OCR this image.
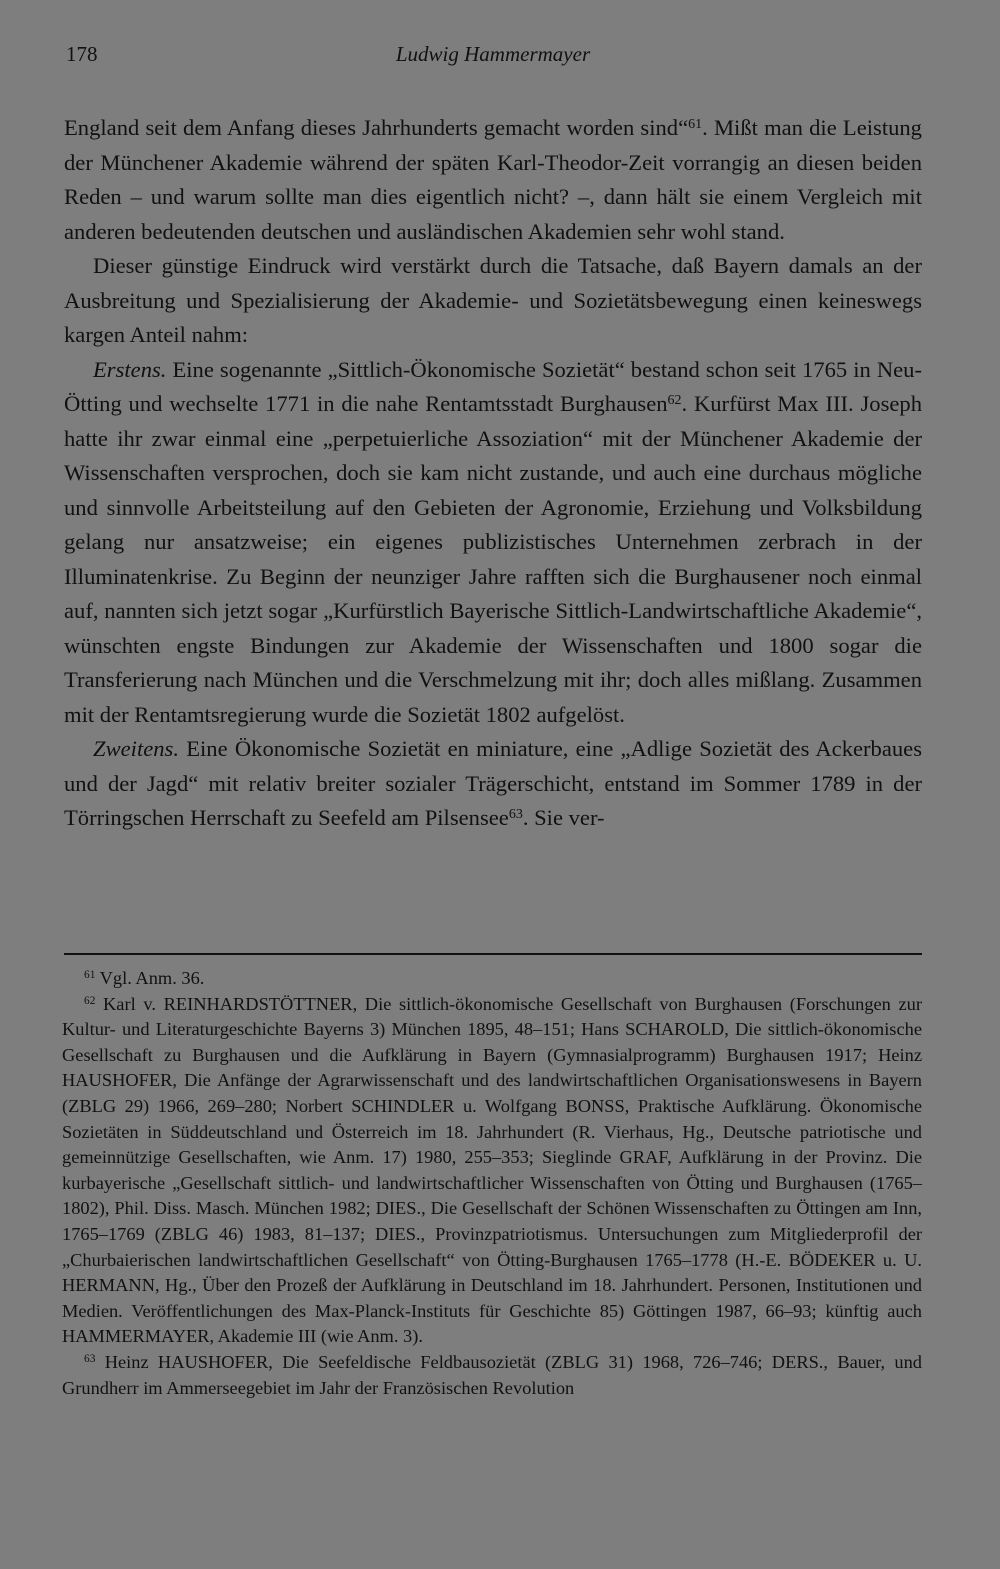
178	Ludwig Hammermayer

England seit dem Anfang dieses Jahrhunderts gemacht worden sind“$^{61}$. Mißt man die Leistung der Münchener Akademie während der späten Karl-Theodor-Zeit vorrangig an diesen beiden Reden – und warum sollte man dies eigentlich nicht? –, dann hält sie einem Vergleich mit anderen bedeutenden deutschen und ausländischen Akademien sehr wohl stand.

Dieser günstige Eindruck wird verstärkt durch die Tatsache, daß Bayern damals an der Ausbreitung und Spezialisierung der Akademie- und Sozietätsbewegung einen keineswegs kargen Anteil nahm:

Erstens. Eine sogenannte „Sittlich-Ökonomische Sozietät“ bestand schon seit 1765 in Neu-Ötting und wechselte 1771 in die nahe Rentamtsstadt Burghausen$^{62}$. Kurfürst Max III. Joseph hatte ihr zwar einmal eine „perpetuierliche Assoziation“ mit der Münchener Akademie der Wissenschaften versprochen, doch sie kam nicht zustande, und auch eine durchaus mögliche und sinnvolle Arbeitsteilung auf den Gebieten der Agronomie, Erziehung und Volksbildung gelang nur ansatzweise; ein eigenes publizistisches Unternehmen zerbrach in der Illuminatenkrise. Zu Beginn der neunziger Jahre rafften sich die Burghausener noch einmal auf, nannten sich jetzt sogar „Kurfürstlich Bayerische Sittlich-Landwirtschaftliche Akademie“, wünschten engste Bindungen zur Akademie der Wissenschaften und 1800 sogar die Transferierung nach München und die Verschmelzung mit ihr; doch alles mißlang. Zusammen mit der Rentamtsregierung wurde die Sozietät 1802 aufgelöst.

Zweitens. Eine Ökonomische Sozietät en miniature, eine „Adlige Sozietät des Ackerbaues und der Jagd“ mit relativ breiter sozialer Trägerschicht, entstand im Sommer 1789 in der Törringschen Herrschaft zu Seefeld am Pilsensee$^{63}$. Sie ver-

$^{61}$ Vgl. Anm. 36.

$^{62}$ Karl v. REINHARDSTÖTTNER, Die sittlich-ökonomische Gesellschaft von Burghausen (Forschungen zur Kultur- und Literaturgeschichte Bayerns 3) München 1895, 48–151; Hans SCHAROLD, Die sittlich-ökonomische Gesellschaft zu Burghausen und die Aufklärung in Bayern (Gymnasialprogramm) Burghausen 1917; Heinz HAUSHOFER, Die Anfänge der Agrarwissenschaft und des landwirtschaftlichen Organisationswesens in Bayern (ZBLG 29) 1966, 269–280; Norbert SCHINDLER u. Wolfgang BONSS, Praktische Aufklärung. Ökonomische Sozietäten in Süddeutschland und Österreich im 18. Jahrhundert (R. Vierhaus, Hg., Deutsche patriotische und gemeinnützige Gesellschaften, wie Anm. 17) 1980, 255–353; Sieglinde GRAF, Aufklärung in der Provinz. Die kurbayerische „Gesellschaft sittlich- und landwirtschaftlicher Wissenschaften von Ötting und Burghausen (1765–1802), Phil. Diss. Masch. München 1982; DIES., Die Gesellschaft der Schönen Wissenschaften zu Öttingen am Inn, 1765–1769 (ZBLG 46) 1983, 81–137; DIES., Provinzpatriotismus. Untersuchungen zum Mitgliederprofil der „Churbaierischen landwirtschaftlichen Gesellschaft“ von Ötting-Burghausen 1765–1778 (H.-E. BÖDEKER u. U. HERMANN, Hg., Über den Prozeß der Aufklärung in Deutschland im 18. Jahrhundert. Personen, Institutionen und Medien. Veröffentlichungen des Max-Planck-Instituts für Geschichte 85) Göttingen 1987, 66–93; künftig auch HAMMERMAYER, Akademie III (wie Anm. 3).

$^{63}$ Heinz HAUSHOFER, Die Seefeldische Feldbausozietät (ZBLG 31) 1968, 726–746; DERS., Bauer, und Grundherr im Ammerseegebiet im Jahr der Französischen Revolution
